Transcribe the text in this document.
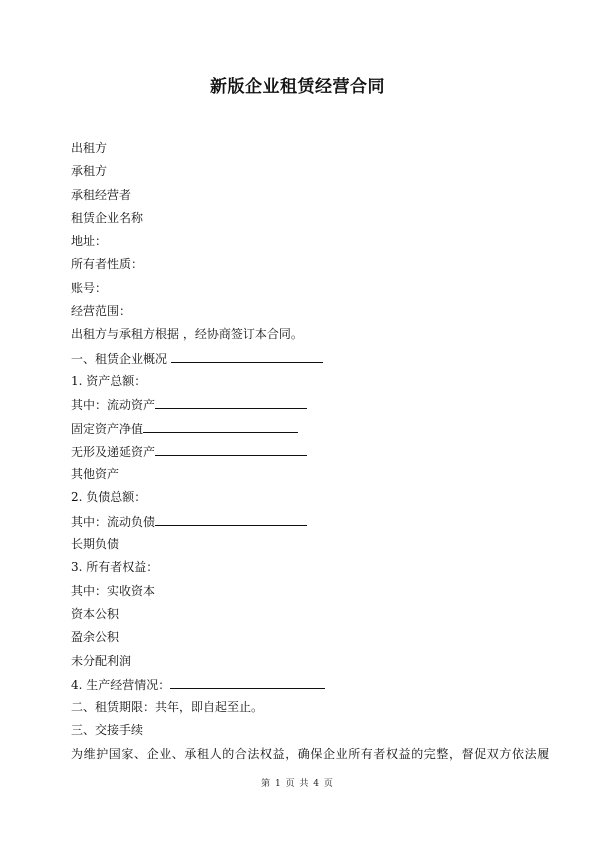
新版企业租赁经营合同
出租方
承租方
承租经营者
租赁企业名称
地址：
所有者性质：
账号：
经营范围：
出租方与承租方根据 ，经协商签订本合同。
一、租赁企业概况
1. 资产总额：
其中：流动资产
固定资产净值
无形及递延资产
其他资产
2. 负债总额：
其中：流动负债
长期负债
3. 所有者权益：
其中：实收资本
资本公积
盈余公积
未分配利润
4. 生产经营情况：
二、租赁期限：共年，即自起至止。
三、交接手续
为维护国家、企业、承租人的合法权益，确保企业所有者权益的完整，督促双方依法履
第 1 页 共 4 页
